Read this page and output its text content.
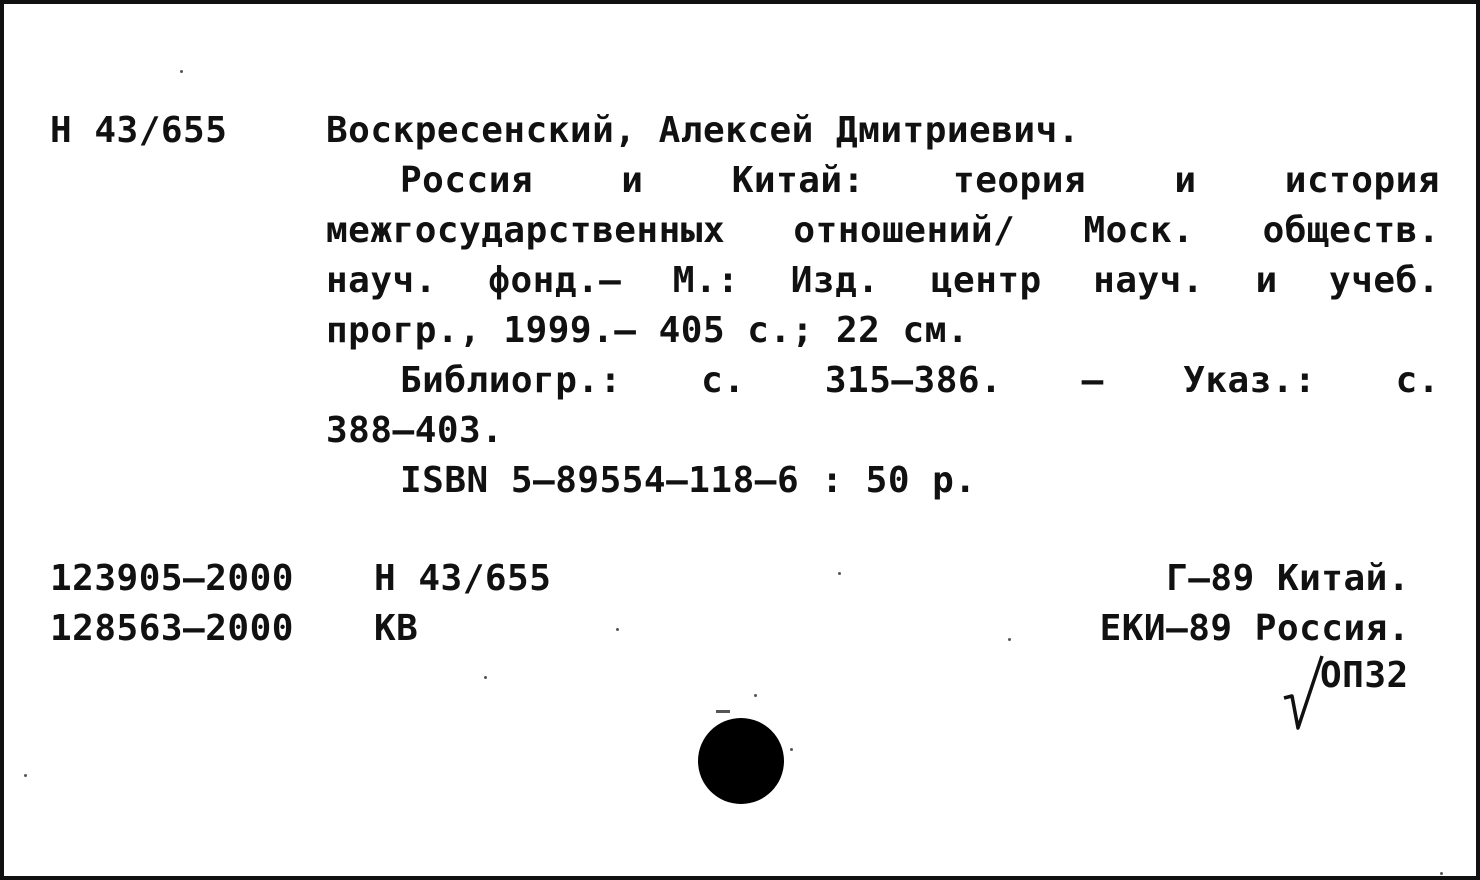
Н 43/655	Воскресенский, Алексей Дмитриевич.
Россия и Китай: теория и история
межгосударственных отношений/ Моск. обществ.
науч. фонд.– М.: Изд. центр науч. и учеб.
прогр., 1999.– 405 с.; 22 см.
Библиогр.: с. 315–386. – Указ.: с.
388–403.
ISBN 5–89554–118–6 : 50 р.
123905–2000 Н 43/655
128563–2000 КВ
Г–89 Китай.
ЕКИ–89 Россия.
ОП32
